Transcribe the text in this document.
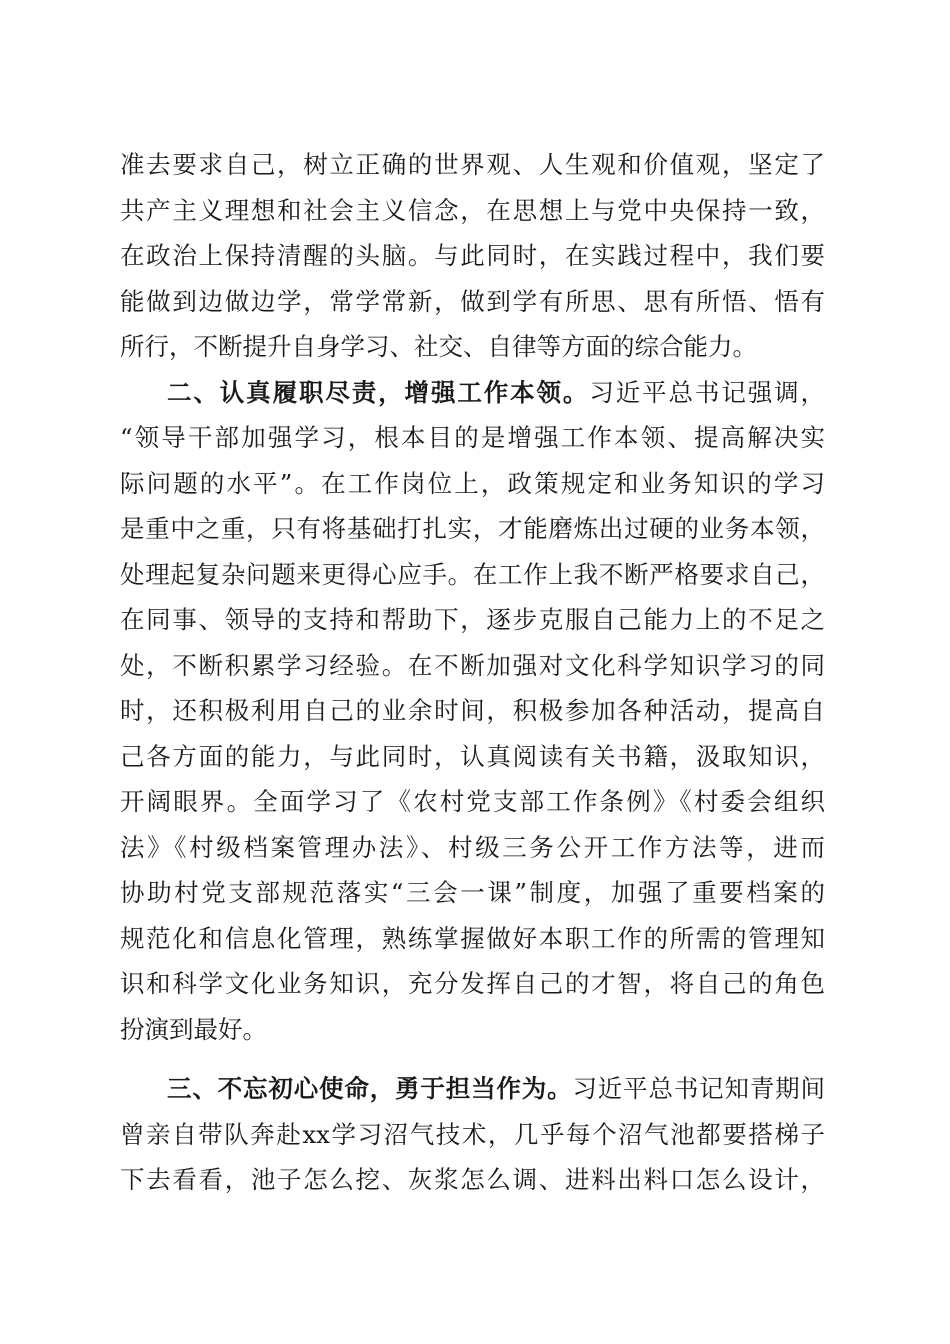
准去要求自己，树立正确的世界观、人生观和价值观，坚定了
共产主义理想和社会主义信念，在思想上与党中央保持一致，
在政治上保持清醒的头脑。与此同时，在实践过程中，我们要
能做到边做边学，常学常新，做到学有所思、思有所悟、悟有
所行，不断提升自身学习、社交、自律等方面的综合能力。
二、认真履职尽责，增强工作本领。习近平总书记强调，
“领导干部加强学习，根本目的是增强工作本领、提高解决实
际问题的水平”。在工作岗位上，政策规定和业务知识的学习
是重中之重，只有将基础打扎实，才能磨炼出过硬的业务本领，
处理起复杂问题来更得心应手。在工作上我不断严格要求自己，
在同事、领导的支持和帮助下，逐步克服自己能力上的不足之
处，不断积累学习经验。在不断加强对文化科学知识学习的同
时，还积极利用自己的业余时间，积极参加各种活动，提高自
己各方面的能力，与此同时，认真阅读有关书籍，汲取知识，
开阔眼界。全面学习了《农村党支部工作条例》《村委会组织
法》《村级档案管理办法》、村级三务公开工作方法等，进而
协助村党支部规范落实“三会一课”制度，加强了重要档案的
规范化和信息化管理，熟练掌握做好本职工作的所需的管理知
识和科学文化业务知识，充分发挥自己的才智，将自己的角色
扮演到最好。
三、不忘初心使命，勇于担当作为。习近平总书记知青期间
曾亲自带队奔赴xx学习沼气技术，几乎每个沼气池都要搭梯子
下去看看，池子怎么挖、灰浆怎么调、进料出料口怎么设计，
